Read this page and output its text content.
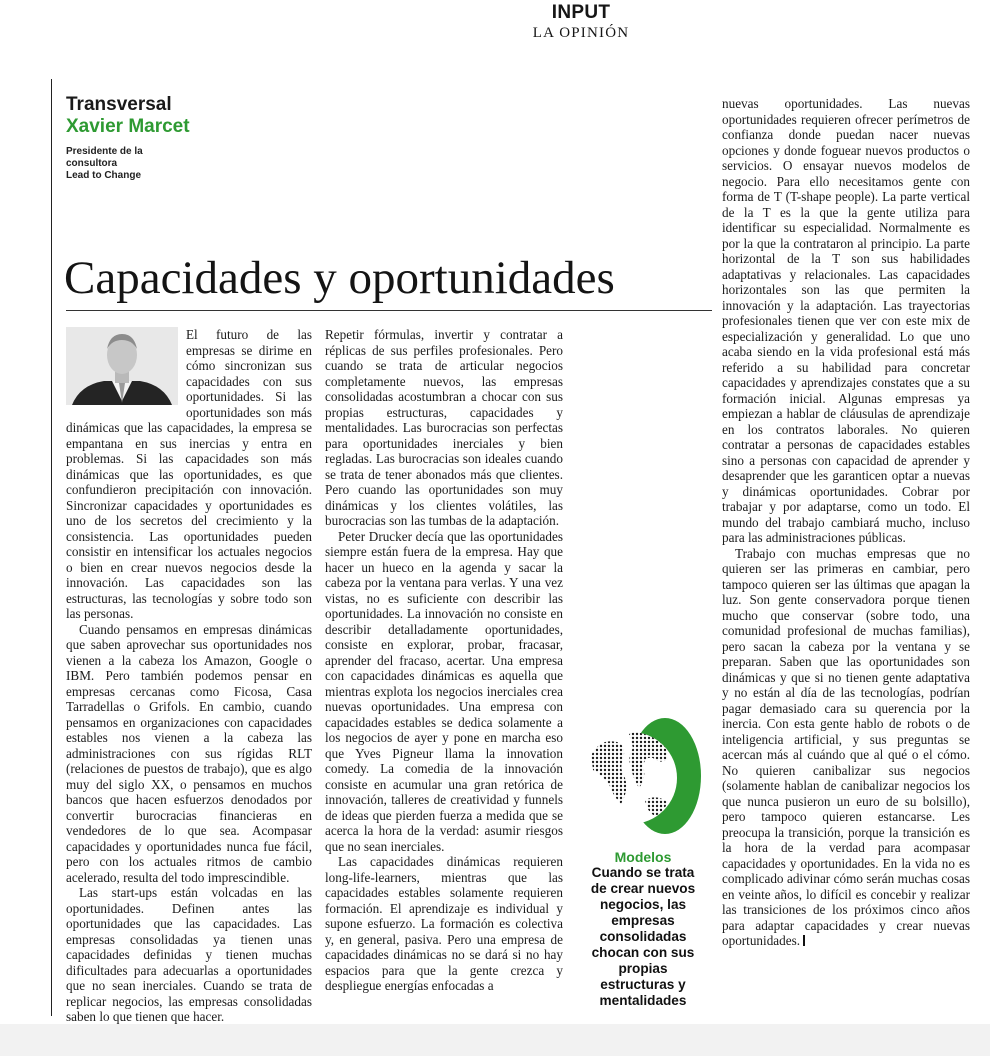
INPUT
LA OPINIÓN
Transversal
Xavier Marcet
Presidente de la
consultora
Lead to Change
Capacidades y oportunidades

El futuro de las empresas se dirime en cómo sincronizan sus capacidades con sus oportunidades. Si las oportunidades son más dinámicas que las capacidades, la empresa se empantana en sus inercias y entra en problemas. Si las capacidades son más dinámicas que las oportunidades, es que confundieron precipitación con innovación. Sincronizar capacidades y oportunidades es uno de los secretos del crecimiento y la consistencia. Las oportunidades pueden consistir en intensificar los actuales negocios o bien en crear nuevos negocios desde la innovación. Las capacidades son las estructuras, las tecnologías y sobre todo son las personas.

Cuando pensamos en empresas dinámicas que saben aprovechar sus oportunidades nos vienen a la cabeza los Amazon, Google o IBM. Pero también podemos pensar en empresas cercanas como Ficosa, Casa Tarradellas o Grifols. En cambio, cuando pensamos en organizaciones con capacidades estables nos vienen a la cabeza las administraciones con sus rígidas RLT (relaciones de puestos de trabajo), que es algo muy del siglo XX, o pensamos en muchos bancos que hacen esfuerzos denodados por convertir burocracias financieras en vendedores de lo que sea. Acompasar capacidades y oportunidades nunca fue fácil, pero con los actuales ritmos de cambio acelerado, resulta del todo imprescindible.

Las start-ups están volcadas en las oportunidades. Definen antes las oportunidades que las capacidades. Las empresas consolidadas ya tienen unas capacidades definidas y tienen muchas dificultades para adecuarlas a oportunidades que no sean inerciales. Cuando se trata de replicar negocios, las empresas consolidadas saben lo que tienen que hacer.

Repetir fórmulas, invertir y contratar a réplicas de sus perfiles profesionales. Pero cuando se trata de articular negocios completamente nuevos, las empresas consolidadas acostumbran a chocar con sus propias estructuras, capacidades y mentalidades. Las burocracias son perfectas para oportunidades inerciales y bien regladas. Las burocracias son ideales cuando se trata de tener abonados más que clientes. Pero cuando las oportunidades son muy dinámicas y los clientes volátiles, las burocracias son las tumbas de la adaptación.

Peter Drucker decía que las oportunidades siempre están fuera de la empresa. Hay que hacer un hueco en la agenda y sacar la cabeza por la ventana para verlas. Y una vez vistas, no es suficiente con describir las oportunidades. La innovación no consiste en describir detalladamente oportunidades, consiste en explorar, probar, fracasar, aprender del fracaso, acertar. Una empresa con capacidades dinámicas es aquella que mientras explota los negocios inerciales crea nuevas oportunidades. Una empresa con capacidades estables se dedica solamente a los negocios de ayer y pone en marcha eso que Yves Pigneur llama la innovation comedy. La comedia de la innovación consiste en acumular una gran retórica de innovación, talleres de creatividad y funnels de ideas que pierden fuerza a medida que se acerca la hora de la verdad: asumir riesgos que no sean inerciales.

Las capacidades dinámicas requieren long-life-learners, mientras que las capacidades estables solamente requieren formación. El aprendizaje es individual y supone esfuerzo. La formación es colectiva y, en general, pasiva. Pero una empresa de capacidades dinámicas no se dará si no hay espacios para que la gente crezca y despliegue energías enfocadas a

Modelos
Cuando se trata de crear nuevos negocios, las empresas consolidadas chocan con sus propias estructuras y mentalidades

nuevas oportunidades. Las nuevas oportunidades requieren ofrecer perímetros de confianza donde puedan nacer nuevas opciones y donde foguear nuevos productos o servicios. O ensayar nuevos modelos de negocio. Para ello necesitamos gente con forma de T (T-shape people). La parte vertical de la T es la que la gente utiliza para identificar su especialidad. Normalmente es por la que la contrataron al principio. La parte horizontal de la T son sus habilidades adaptativas y relacionales. Las capacidades horizontales son las que permiten la innovación y la adaptación. Las trayectorias profesionales tienen que ver con este mix de especialización y generalidad. Lo que uno acaba siendo en la vida profesional está más referido a su habilidad para concretar capacidades y aprendizajes constates que a su formación inicial. Algunas empresas ya empiezan a hablar de cláusulas de aprendizaje en los contratos laborales. No quieren contratar a personas de capacidades estables sino a personas con capacidad de aprender y desaprender que les garanticen optar a nuevas y dinámicas oportunidades. Cobrar por trabajar y por adaptarse, como un todo. El mundo del trabajo cambiará mucho, incluso para las administraciones públicas.

Trabajo con muchas empresas que no quieren ser las primeras en cambiar, pero tampoco quieren ser las últimas que apagan la luz. Son gente conservadora porque tienen mucho que conservar (sobre todo, una comunidad profesional de muchas familias), pero sacan la cabeza por la ventana y se preparan. Saben que las oportunidades son dinámicas y que si no tienen gente adaptativa y no están al día de las tecnologías, podrían pagar demasiado cara su querencia por la inercia. Con esta gente hablo de robots o de inteligencia artificial, y sus preguntas se acercan más al cuándo que al qué o el cómo. No quieren canibalizar sus negocios (solamente hablan de canibalizar negocios los que nunca pusieron un euro de su bolsillo), pero tampoco quieren estancarse. Les preocupa la transición, porque la transición es la hora de la verdad para acompasar capacidades y oportunidades. En la vida no es complicado adivinar cómo serán muchas cosas en veinte años, lo difícil es concebir y realizar las transiciones de los próximos cinco años para adaptar capacidades y crear nuevas oportunidades.
